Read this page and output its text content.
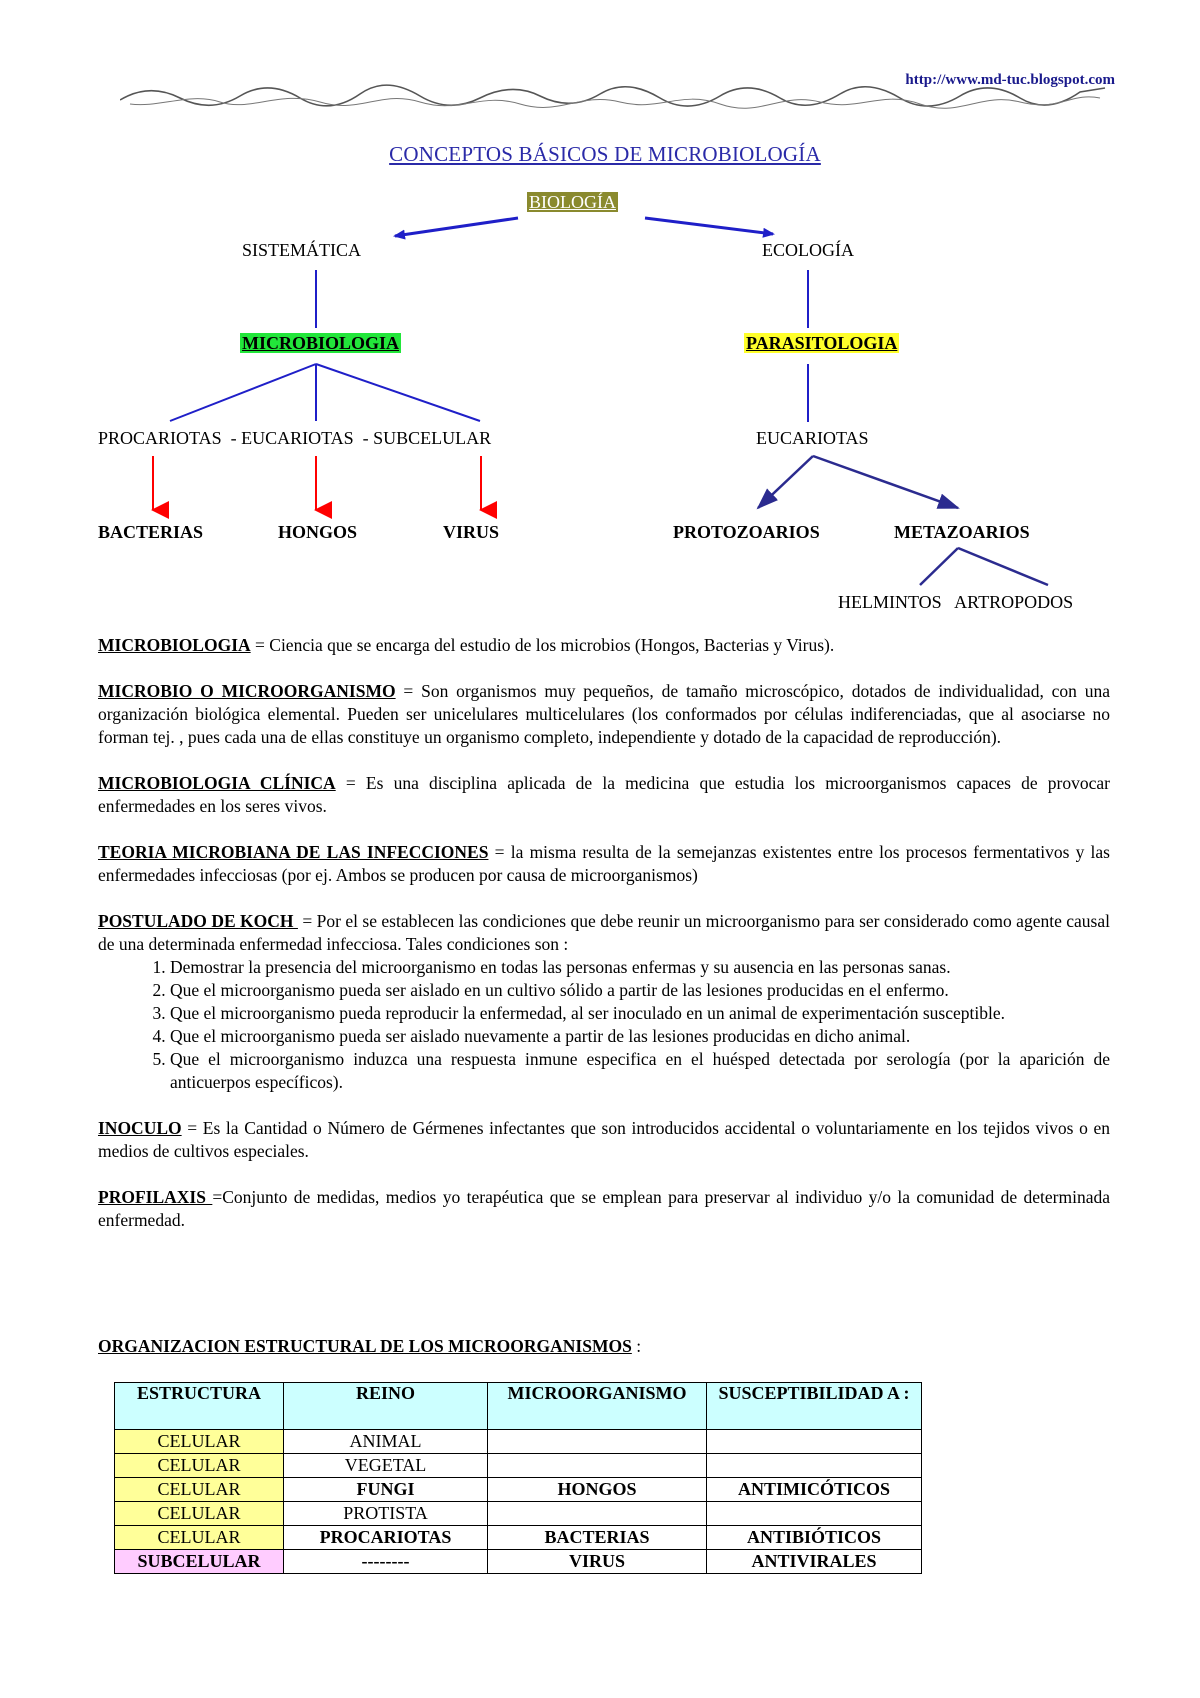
http://www.md-tuc.blogspot.com
CONCEPTOS BÁSICOS DE MICROBIOLOGÍA
BIOLOGÍA
SISTEMÁTICA	ECOLOGÍA
MICROBIOLOGIA	PARASITOLOGIA
PROCARIOTAS  - EUCARIOTAS  - SUBCELULAR	EUCARIOTAS
BACTERIAS	HONGOS	VIRUS	PROTOZOARIOS	METAZOARIOS
HELMINTOS   ARTROPODOS

MICROBIOLOGIA = Ciencia que se encarga del estudio de los microbios (Hongos, Bacterias y Virus).

MICROBIO O MICROORGANISMO = Son organismos muy pequeños, de tamaño microscópico, dotados de individualidad, con una organización biológica elemental. Pueden ser unicelulares multicelulares (los conformados por células indiferenciadas, que al asociarse no forman tej. , pues cada una de ellas constituye un organismo completo, independiente y dotado de la capacidad de reproducción).

MICROBIOLOGIA CLÍNICA = Es una disciplina aplicada de la medicina que estudia los microorganismos capaces de provocar enfermedades en los seres vivos.

TEORIA MICROBIANA DE LAS INFECCIONES = la misma resulta de la semejanzas existentes entre los procesos fermentativos y las enfermedades infecciosas (por ej. Ambos se producen por causa de microorganismos)

POSTULADO DE KOCH  = Por el se establecen las condiciones que debe reunir un microorganismo para ser considerado como agente causal de una determinada enfermedad infecciosa. Tales condiciones son :
1. Demostrar la presencia del microorganismo en todas las personas enfermas y su ausencia en las personas sanas.
2. Que el microorganismo pueda ser aislado en un cultivo sólido a partir de las lesiones producidas en el enfermo.
3. Que el microorganismo pueda reproducir la enfermedad, al ser inoculado en un animal de experimentación susceptible.
4. Que el microorganismo pueda ser aislado nuevamente a partir de las lesiones producidas en dicho animal.
5. Que el microorganismo induzca una respuesta inmune especifica en el huésped detectada por serología (por la aparición de anticuerpos específicos).

INOCULO = Es la Cantidad o Número de Gérmenes infectantes que son introducidos accidental o voluntariamente en los tejidos vivos o en medios de cultivos especiales.

PROFILAXIS =Conjunto de medidas, medios yo terapéutica que se emplean para preservar al individuo y/o la comunidad de determinada enfermedad.

ORGANIZACION ESTRUCTURAL DE LOS MICROORGANISMOS :
ESTRUCTURA	REINO	MICROORGANISMO	SUSCEPTIBILIDAD A :
CELULAR	ANIMAL		
CELULAR	VEGETAL		
CELULAR	FUNGI	HONGOS	ANTIMICÓTICOS
CELULAR	PROTISTA		
CELULAR	PROCARIOTAS	BACTERIAS	ANTIBIÓTICOS
SUBCELULAR	--------	VIRUS	ANTIVIRALES
